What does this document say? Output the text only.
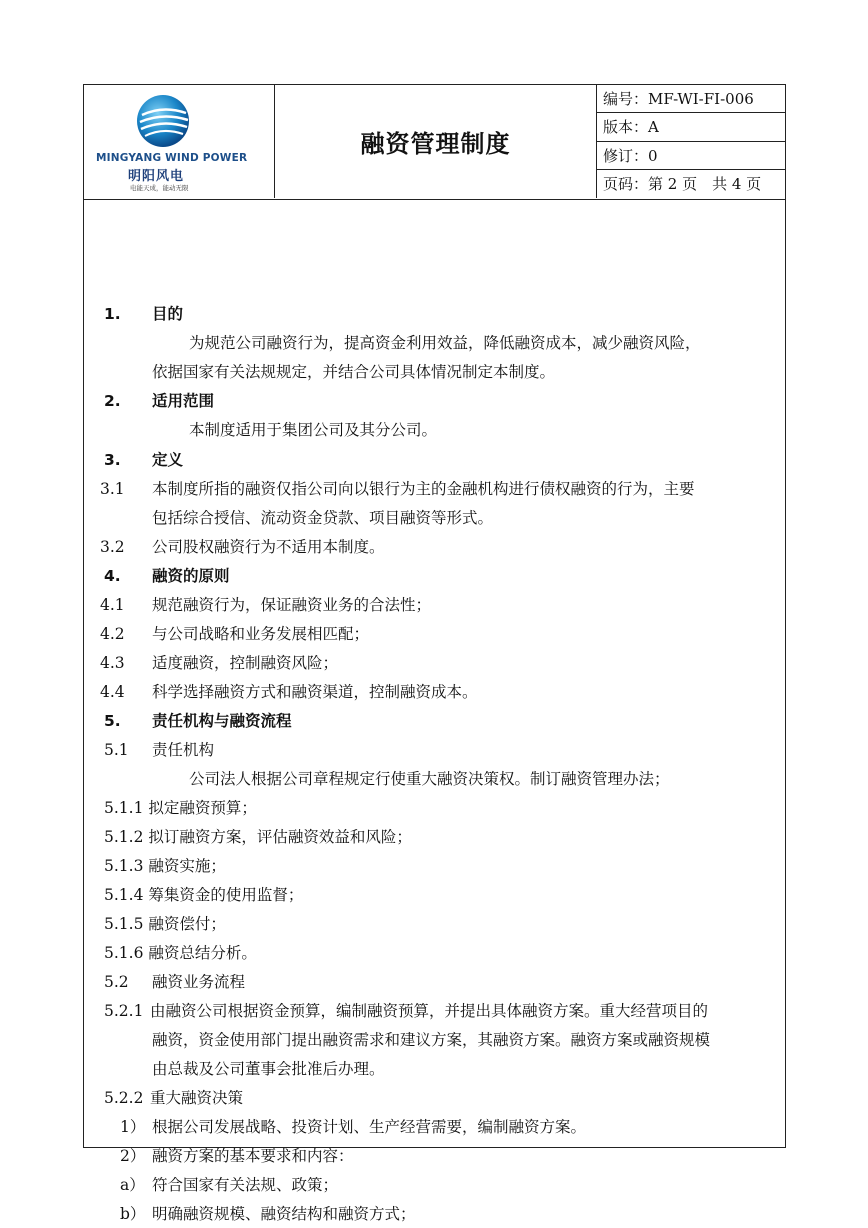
MINGYANG WIND POWER
明阳风电
电能天成，能动无限
融资管理制度
编号：MF-WI-FI-006
版本：A
修订：0
页码：第 2 页　共 4 页
1. 目的
为规范公司融资行为，提高资金利用效益，降低融资成本，减少融资风险，
依据国家有关法规规定，并结合公司具体情况制定本制度。
2. 适用范围
本制度适用于集团公司及其分公司。
3. 定义
3.1 本制度所指的融资仅指公司向以银行为主的金融机构进行债权融资的行为，主要
包括综合授信、流动资金贷款、项目融资等形式。
3.2 公司股权融资行为不适用本制度。
4. 融资的原则
4.1 规范融资行为，保证融资业务的合法性；
4.2 与公司战略和业务发展相匹配；
4.3 适度融资，控制融资风险；
4.4 科学选择融资方式和融资渠道，控制融资成本。
5. 责任机构与融资流程
5.1 责任机构
公司法人根据公司章程规定行使重大融资决策权。制订融资管理办法；
5.1.1 拟定融资预算；
5.1.2 拟订融资方案，评估融资效益和风险；
5.1.3 融资实施；
5.1.4 筹集资金的使用监督；
5.1.5 融资偿付；
5.1.6 融资总结分析。
5.2 融资业务流程
5.2.1 由融资公司根据资金预算，编制融资预算，并提出具体融资方案。重大经营项目的
融资，资金使用部门提出融资需求和建议方案，其融资方案。融资方案或融资规模
由总裁及公司董事会批准后办理。
5.2.2 重大融资决策
1） 根据公司发展战略、投资计划、生产经营需要，编制融资方案。
2） 融资方案的基本要求和内容：
a） 符合国家有关法规、政策；
b） 明确融资规模、融资结构和融资方式；
